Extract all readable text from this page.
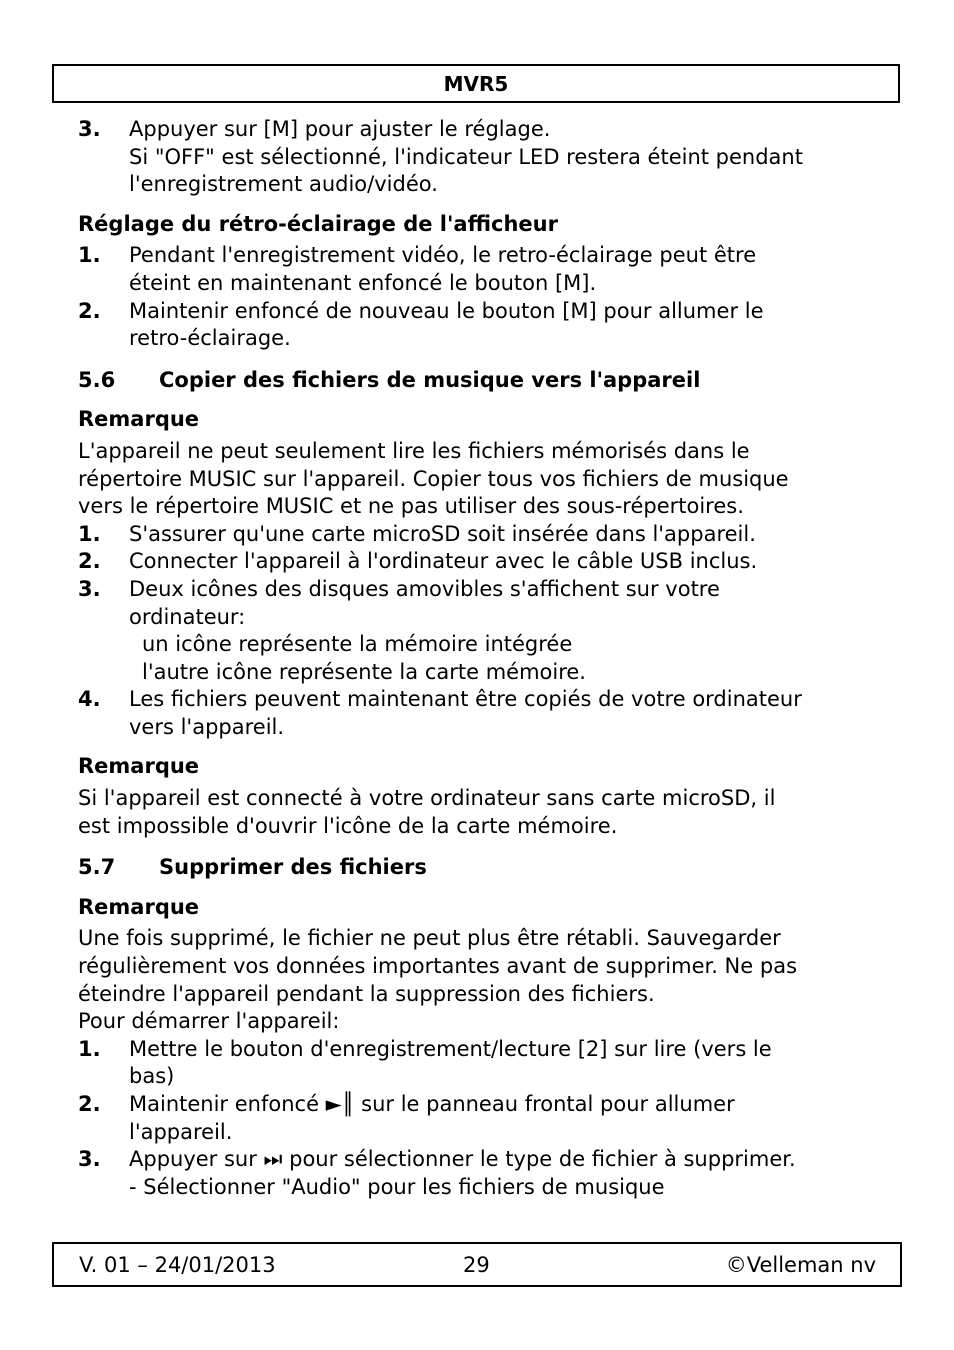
MVR5
3.	Appuyer sur [M] pour ajuster le réglage.
Si "OFF" est sélectionné, l'indicateur LED restera éteint pendant
l'enregistrement audio/vidéo.
Réglage du rétro-éclairage de l'afficheur
1.	Pendant l'enregistrement vidéo, le retro-éclairage peut être
éteint en maintenant enfoncé le bouton [M].
2.	Maintenir enfoncé de nouveau le bouton [M] pour allumer le
retro-éclairage.
5.6	Copier des fichiers de musique vers l'appareil
Remarque
L'appareil ne peut seulement lire les fichiers mémorisés dans le
répertoire MUSIC sur l'appareil. Copier tous vos fichiers de musique
vers le répertoire MUSIC et ne pas utiliser des sous-répertoires.
1.	S'assurer qu'une carte microSD soit insérée dans l'appareil.
2.	Connecter l'appareil à l'ordinateur avec le câble USB inclus.
3.	Deux icônes des disques amovibles s'affichent sur votre
ordinateur:
un icône représente la mémoire intégrée
l'autre icône représente la carte mémoire.
4.	Les fichiers peuvent maintenant être copiés de votre ordinateur
vers l'appareil.
Remarque
Si l'appareil est connecté à votre ordinateur sans carte microSD, il
est impossible d'ouvrir l'icône de la carte mémoire.
5.7	Supprimer des fichiers
Remarque
Une fois supprimé, le fichier ne peut plus être rétabli. Sauvegarder
régulièrement vos données importantes avant de supprimer. Ne pas
éteindre l'appareil pendant la suppression des fichiers.
Pour démarrer l'appareil:
1.	Mettre le bouton d'enregistrement/lecture [2] sur lire (vers le
bas)
2.	Maintenir enfoncé ►║ sur le panneau frontal pour allumer
l'appareil.
3.	Appuyer sur ⏭ pour sélectionner le type de fichier à supprimer.
- Sélectionner "Audio" pour les fichiers de musique
V. 01 – 24/01/2013	29	©Velleman nv
